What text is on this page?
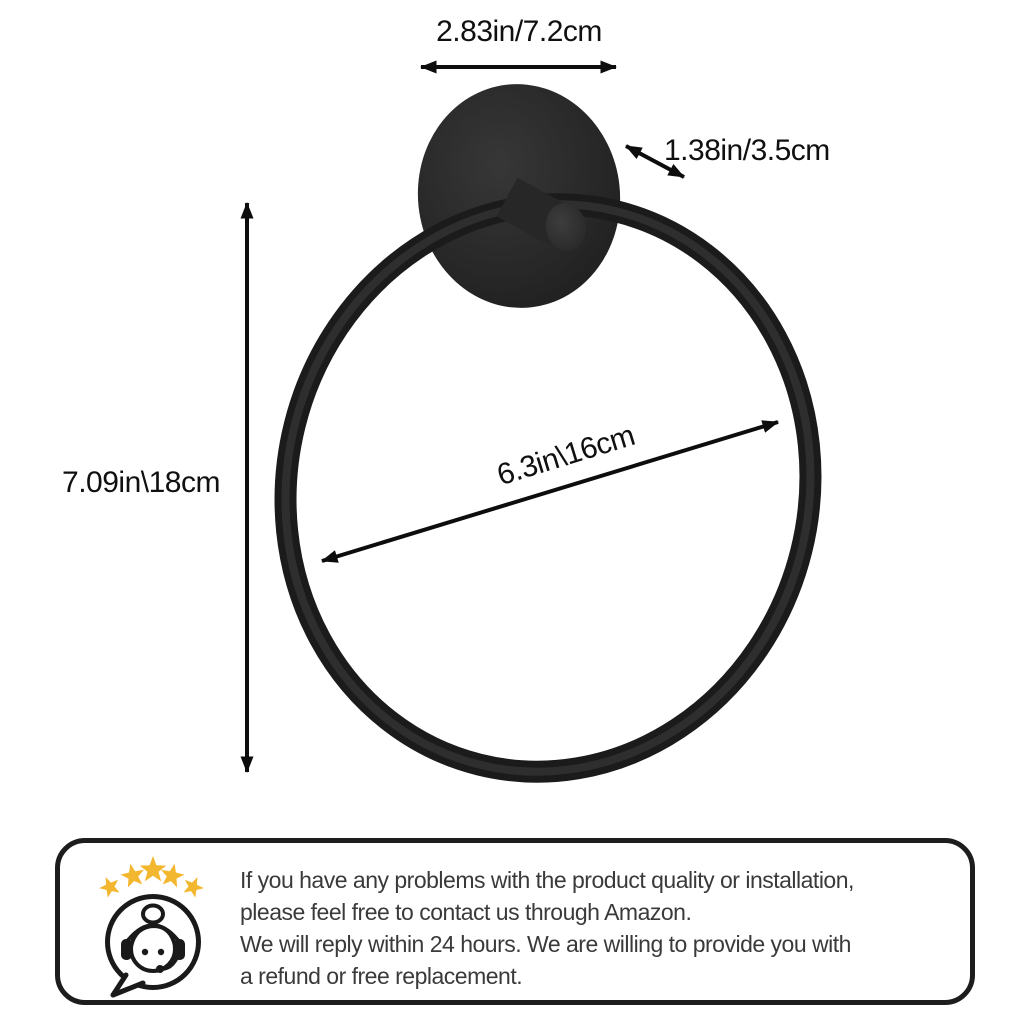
2.83in/7.2cm
1.38in/3.5cm
7.09in\18cm	6.3in\16cm
If you have any problems with the product quality or installation,
please feel free to contact us through Amazon.
We will reply within 24 hours. We are willing to provide you with
a refund or free replacement.
